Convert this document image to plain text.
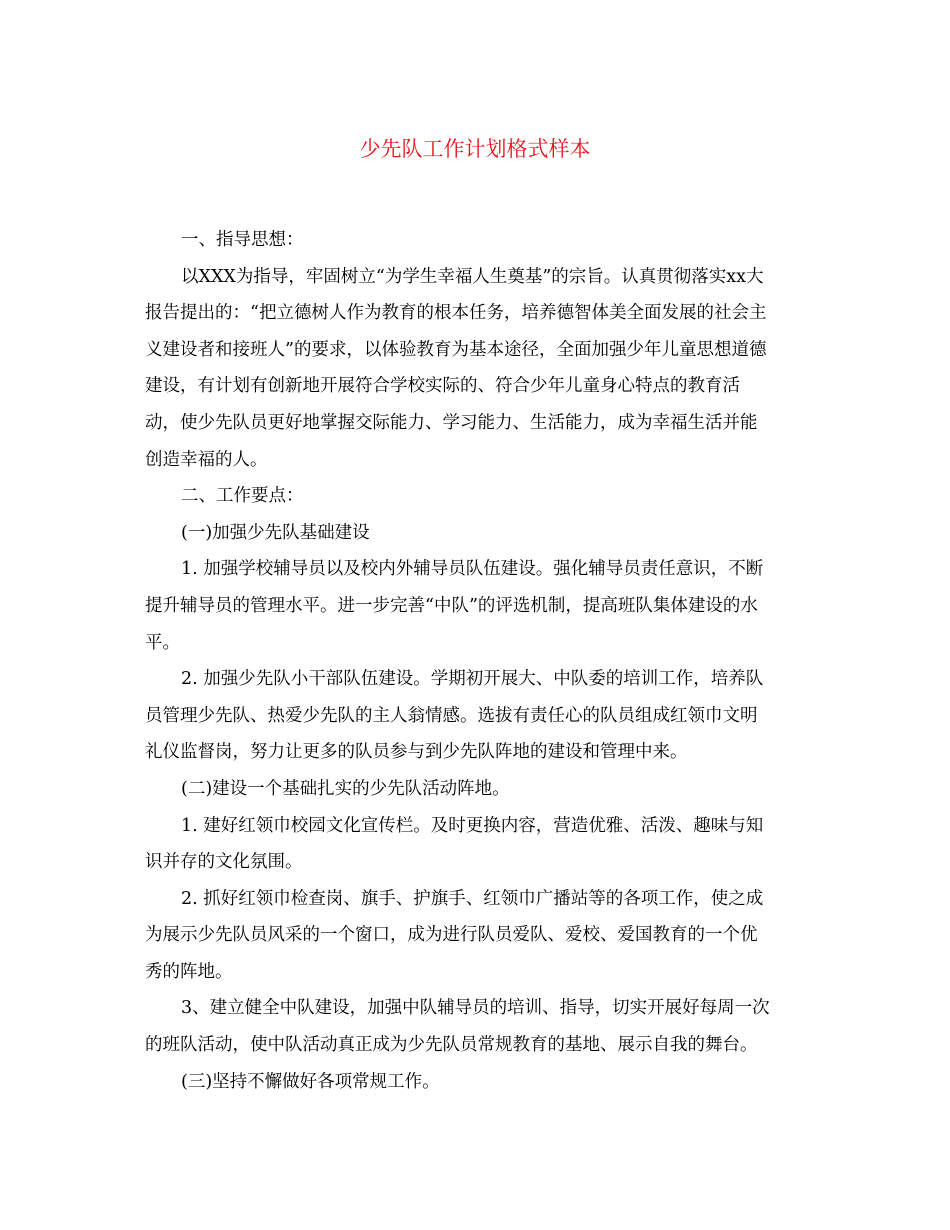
少先队工作计划格式样本
一、指导思想：
以XXX为指导，牢固树立“为学生幸福人生奠基”的宗旨。认真贯彻落实xx大
报告提出的：“把立德树人作为教育的根本任务，培养德智体美全面发展的社会主
义建设者和接班人”的要求，以体验教育为基本途径，全面加强少年儿童思想道德
建设，有计划有创新地开展符合学校实际的、符合少年儿童身心特点的教育活
动，使少先队员更好地掌握交际能力、学习能力、生活能力，成为幸福生活并能
创造幸福的人。
二、工作要点：
(一)加强少先队基础建设
1. 加强学校辅导员以及校内外辅导员队伍建设。强化辅导员责任意识，不断
提升辅导员的管理水平。进一步完善“中队”的评选机制，提高班队集体建设的水
平。
2. 加强少先队小干部队伍建设。学期初开展大、中队委的培训工作，培养队
员管理少先队、热爱少先队的主人翁情感。选拔有责任心的队员组成红领巾文明
礼仪监督岗，努力让更多的队员参与到少先队阵地的建设和管理中来。
(二)建设一个基础扎实的少先队活动阵地。
1. 建好红领巾校园文化宣传栏。及时更换内容，营造优雅、活泼、趣味与知
识并存的文化氛围。
2. 抓好红领巾检查岗、旗手、护旗手、红领巾广播站等的各项工作，使之成
为展示少先队员风采的一个窗口，成为进行队员爱队、爱校、爱国教育的一个优
秀的阵地。
3、建立健全中队建设，加强中队辅导员的培训、指导，切实开展好每周一次
的班队活动，使中队活动真正成为少先队员常规教育的基地、展示自我的舞台。
(三)坚持不懈做好各项常规工作。
